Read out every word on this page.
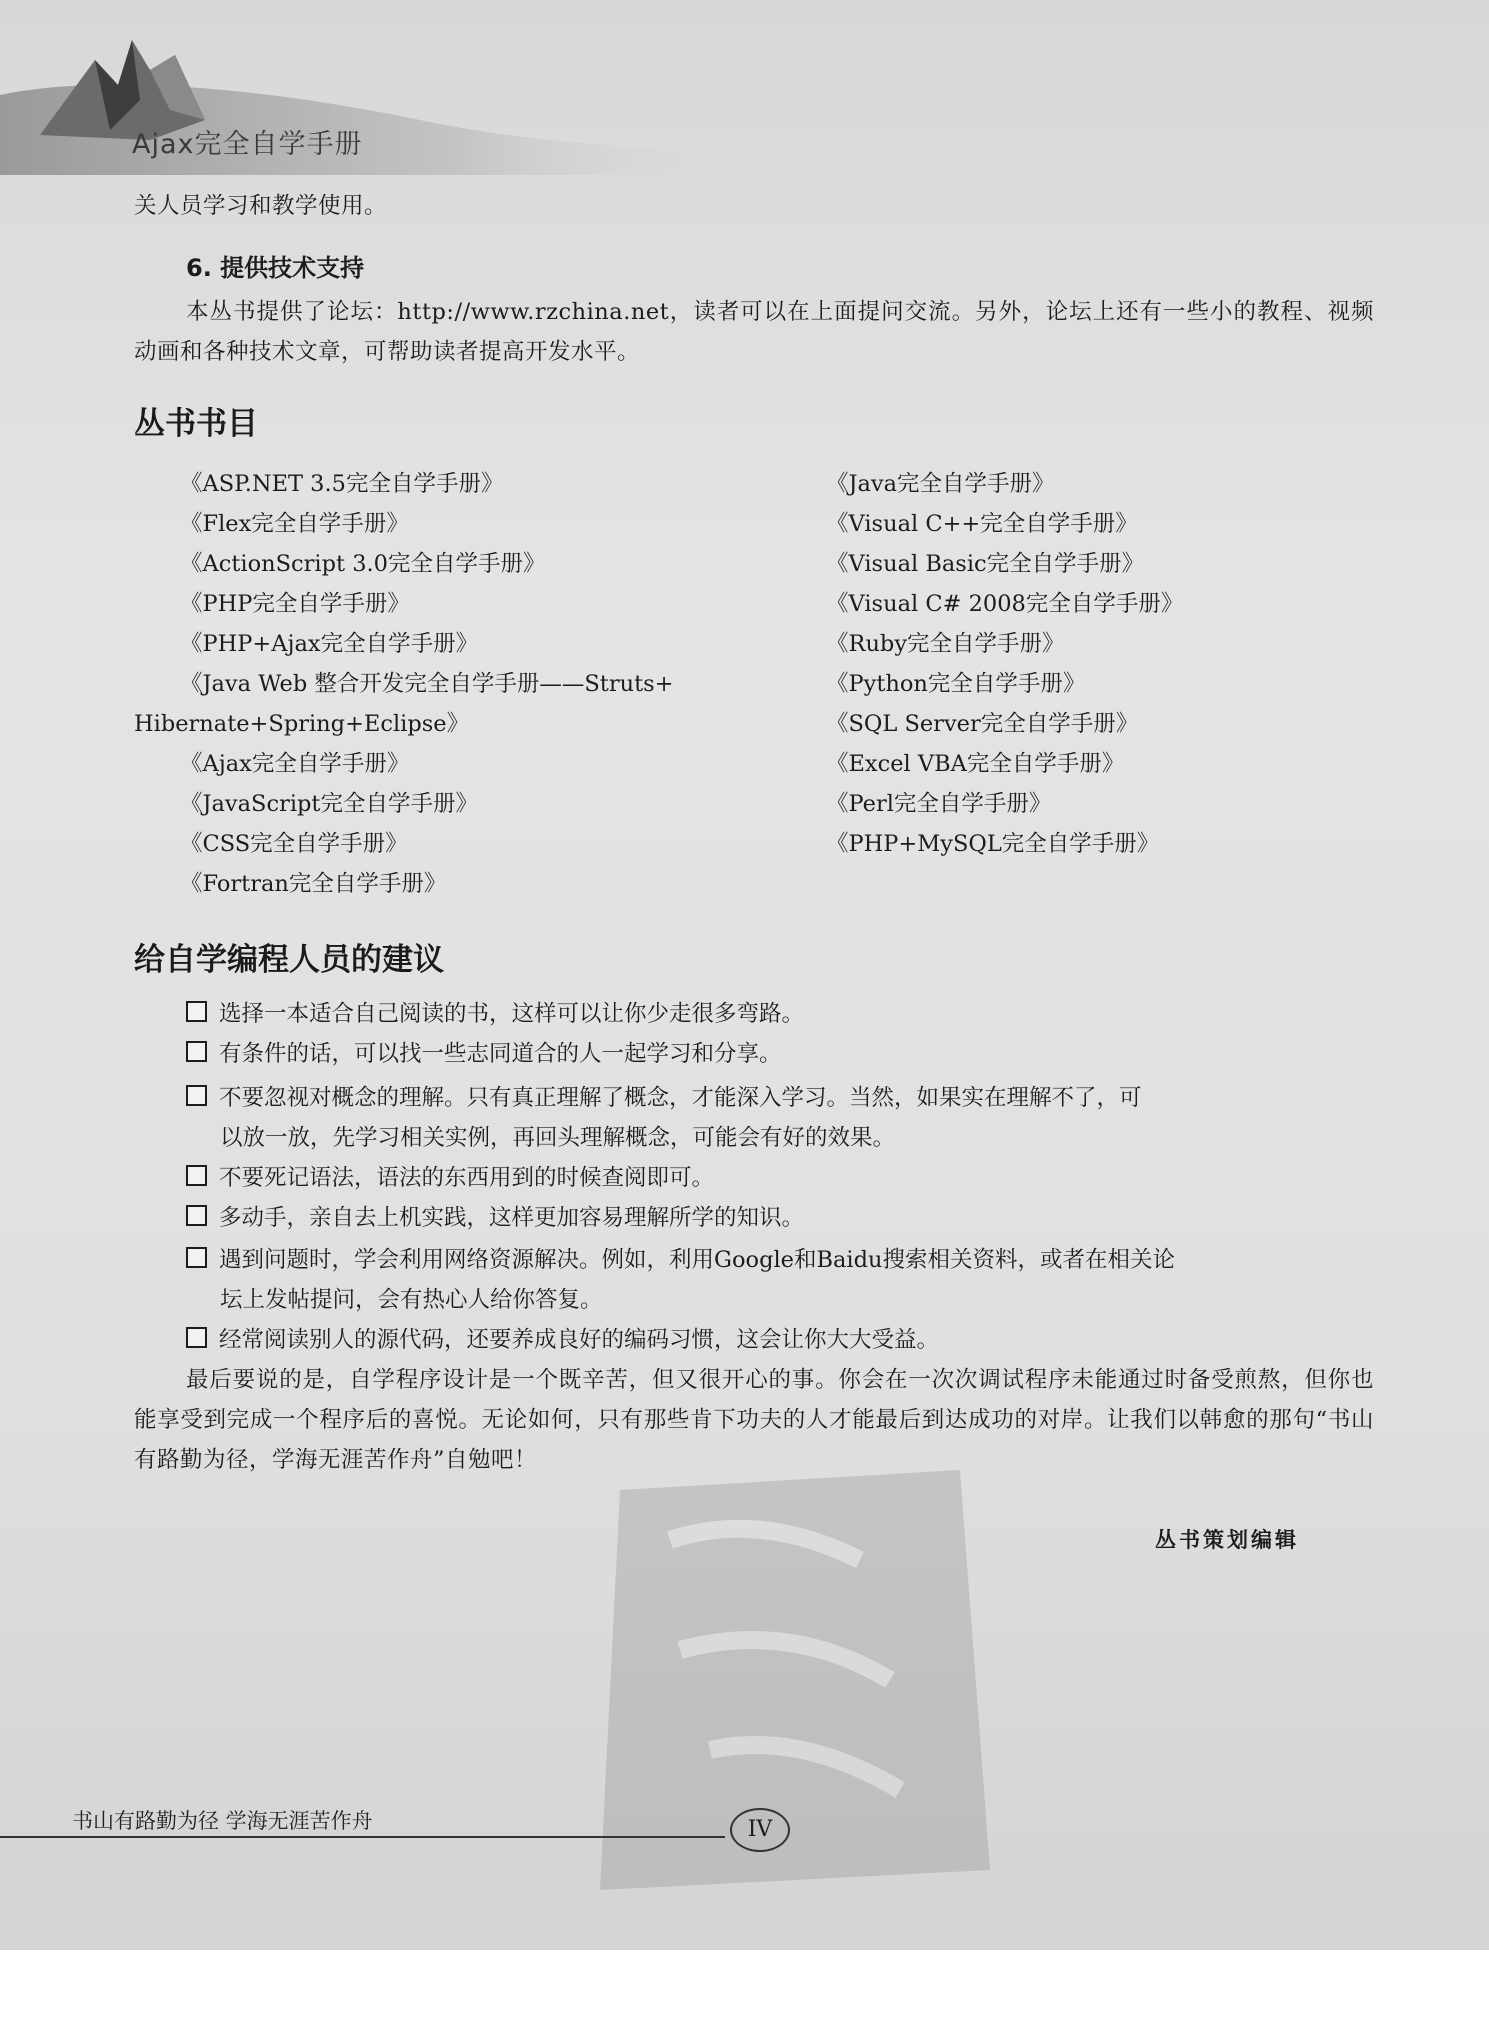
Ajax完全自学手册
关人员学习和教学使用。
6. 提供技术支持
本丛书提供了论坛：http://www.rzchina.net，读者可以在上面提问交流。另外，论坛上还有一些小的教程、视频动画和各种技术文章，可帮助读者提高开发水平。
丛书书目
《ASP.NET 3.5完全自学手册》
《Flex完全自学手册》
《ActionScript 3.0完全自学手册》
《PHP完全自学手册》
《PHP+Ajax完全自学手册》
《Java Web 整合开发完全自学手册——Struts+
Hibernate+Spring+Eclipse》
《Ajax完全自学手册》
《JavaScript完全自学手册》
《CSS完全自学手册》
《Fortran完全自学手册》
《Java完全自学手册》
《Visual C++完全自学手册》
《Visual Basic完全自学手册》
《Visual C# 2008完全自学手册》
《Ruby完全自学手册》
《Python完全自学手册》
《SQL Server完全自学手册》
《Excel VBA完全自学手册》
《Perl完全自学手册》
《PHP+MySQL完全自学手册》
给自学编程人员的建议
选择一本适合自己阅读的书，这样可以让你少走很多弯路。
有条件的话，可以找一些志同道合的人一起学习和分享。
不要忽视对概念的理解。只有真正理解了概念，才能深入学习。当然，如果实在理解不了，可
以放一放，先学习相关实例，再回头理解概念，可能会有好的效果。
不要死记语法，语法的东西用到的时候查阅即可。
多动手，亲自去上机实践，这样更加容易理解所学的知识。
遇到问题时，学会利用网络资源解决。例如，利用Google和Baidu搜索相关资料，或者在相关论
坛上发帖提问，会有热心人给你答复。
经常阅读别人的源代码，还要养成良好的编码习惯，这会让你大大受益。
最后要说的是，自学程序设计是一个既辛苦，但又很开心的事。你会在一次次调试程序未能通过时备受煎熬，但你也能享受到完成一个程序后的喜悦。无论如何，只有那些肯下功夫的人才能最后到达成功的对岸。让我们以韩愈的那句“书山有路勤为径，学海无涯苦作舟”自勉吧！
丛书策划编辑
书山有路勤为径 学海无涯苦作舟	IV
